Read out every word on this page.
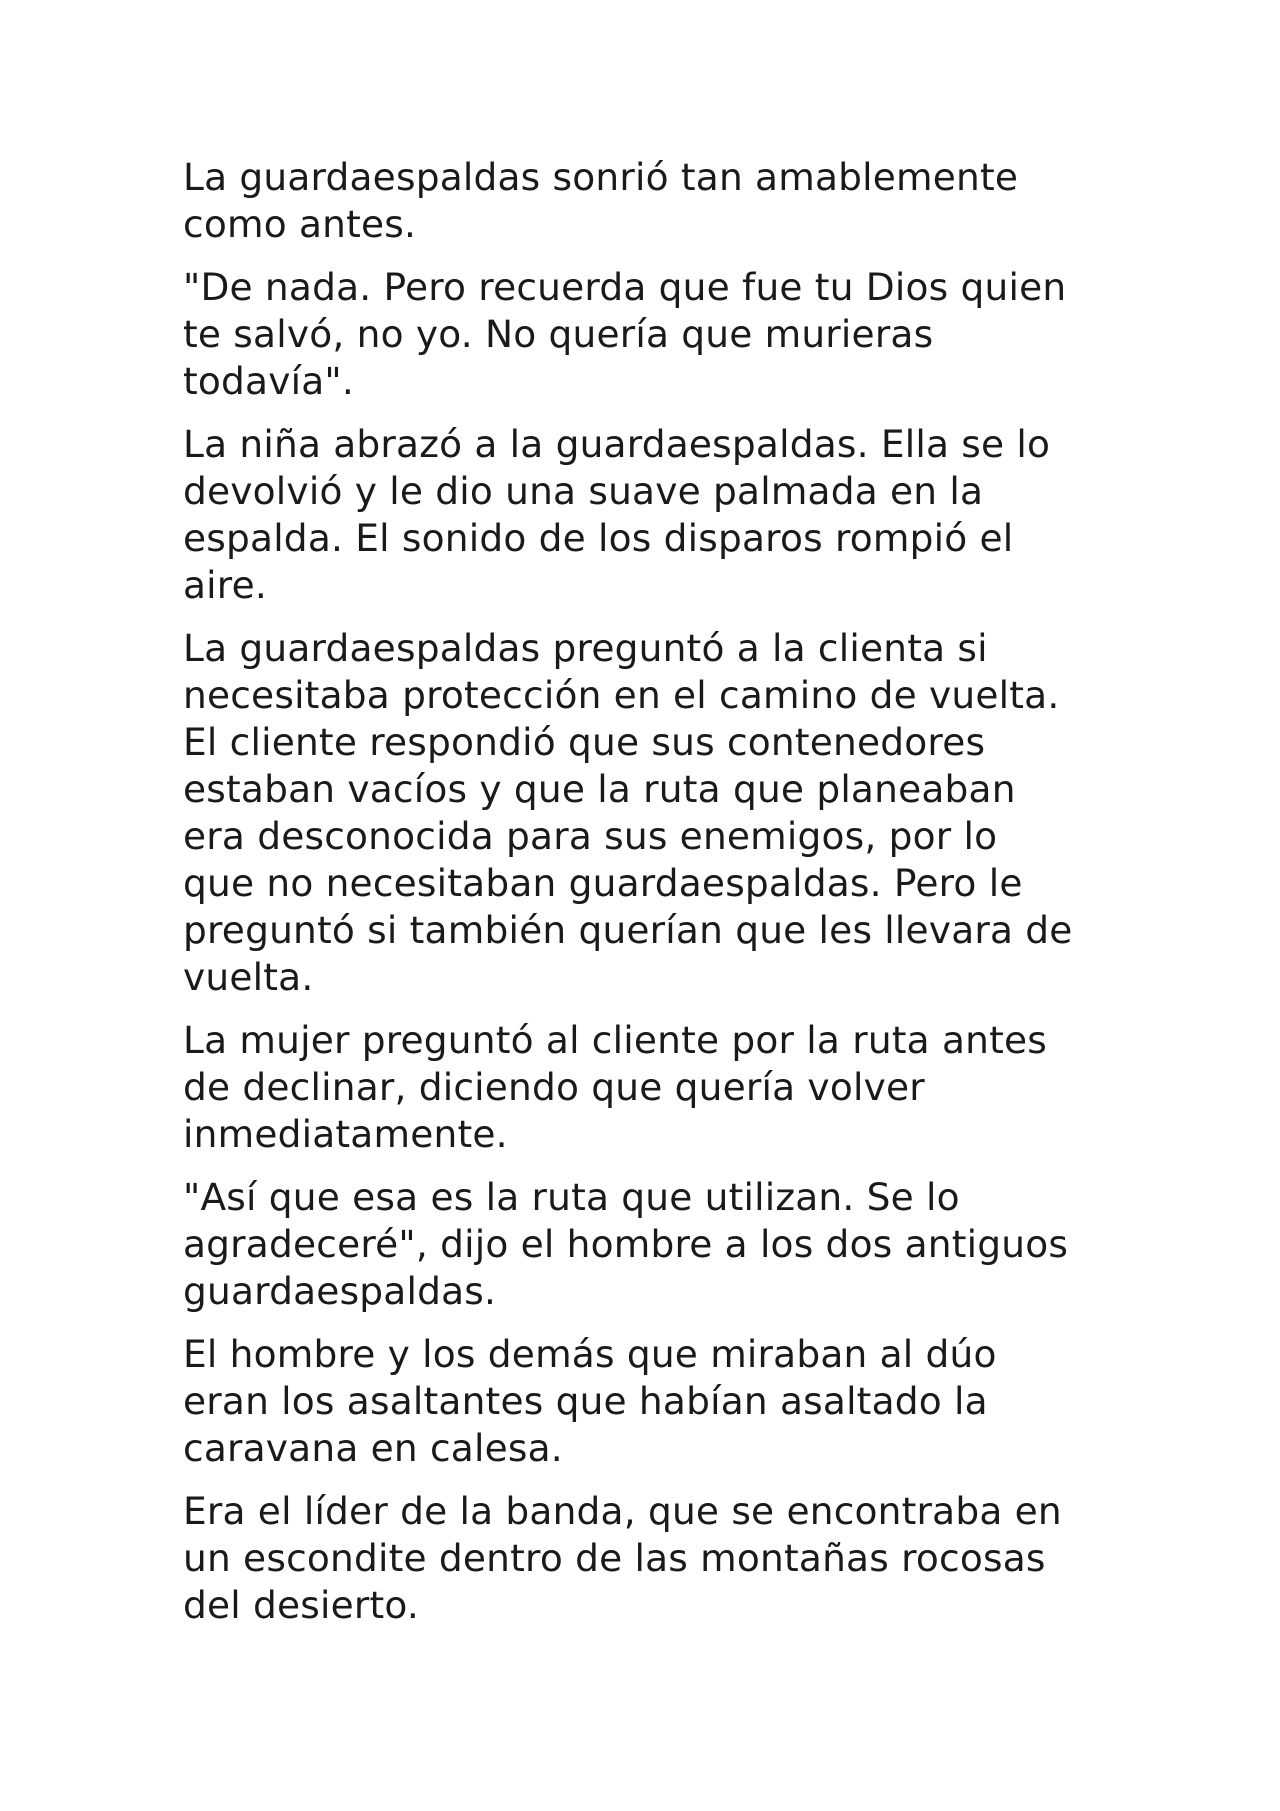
La guardaespaldas sonrió tan amablemente
como antes.

"De nada. Pero recuerda que fue tu Dios quien
te salvó, no yo. No quería que murieras
todavía".

La niña abrazó a la guardaespaldas. Ella se lo
devolvió y le dio una suave palmada en la
espalda. El sonido de los disparos rompió el
aire.

La guardaespaldas preguntó a la clienta si
necesitaba protección en el camino de vuelta.
El cliente respondió que sus contenedores
estaban vacíos y que la ruta que planeaban
era desconocida para sus enemigos, por lo
que no necesitaban guardaespaldas. Pero le
preguntó si también querían que les llevara de
vuelta.

La mujer preguntó al cliente por la ruta antes
de declinar, diciendo que quería volver
inmediatamente.

"Así que esa es la ruta que utilizan. Se lo
agradeceré", dijo el hombre a los dos antiguos
guardaespaldas.

El hombre y los demás que miraban al dúo
eran los asaltantes que habían asaltado la
caravana en calesa.

Era el líder de la banda, que se encontraba en
un escondite dentro de las montañas rocosas
del desierto.
